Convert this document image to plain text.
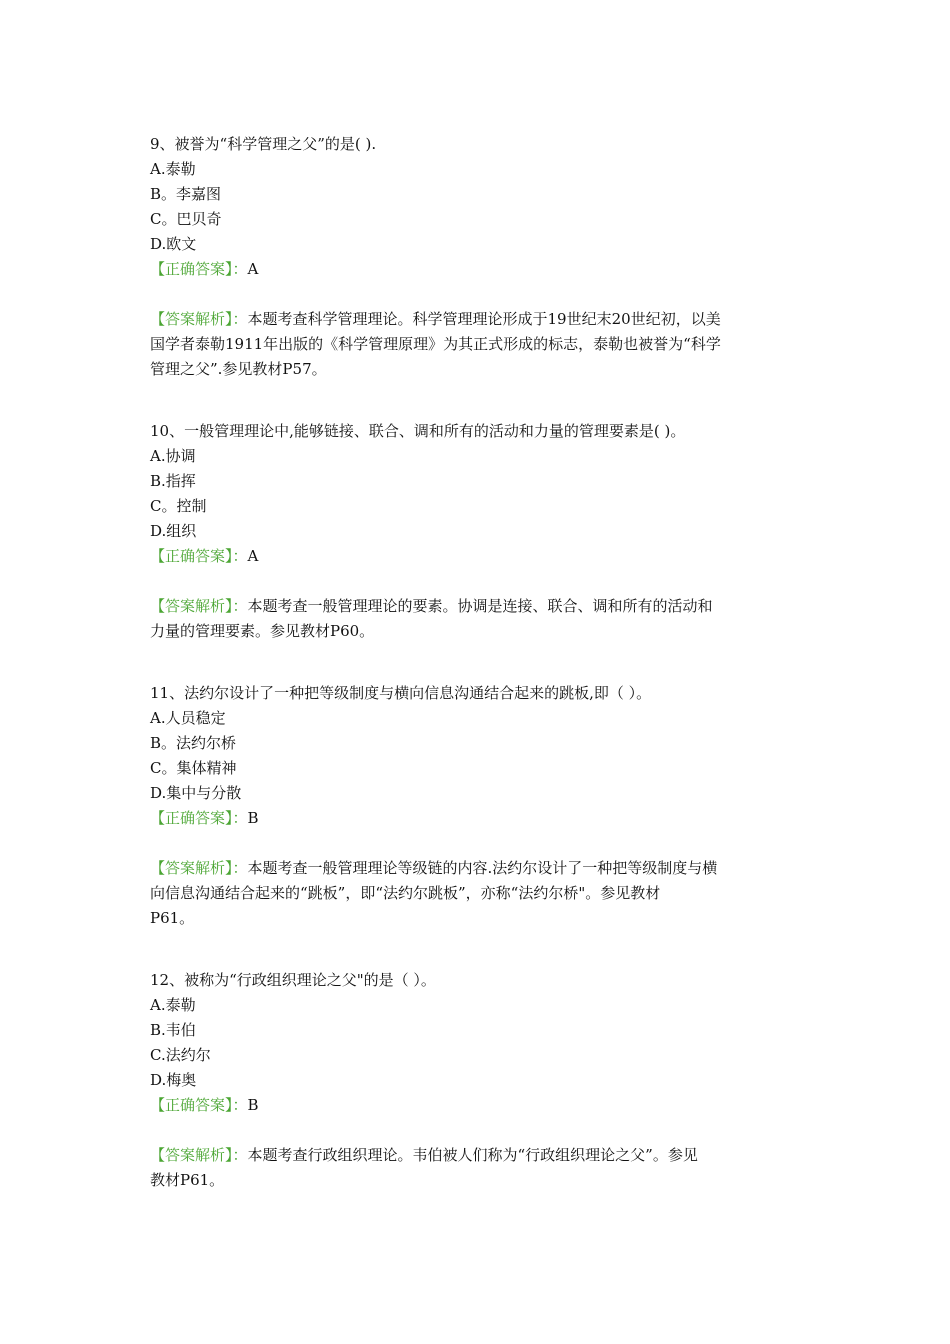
9、被誉为“科学管理之父”的是( ).
A.泰勒
B。李嘉图
C。巴贝奇
D.欧文
【正确答案】：A
【答案解析】：本题考查科学管理理论。科学管理理论形成于19世纪末20世纪初，以美
国学者泰勒1911年出版的《科学管理原理》为其正式形成的标志，泰勒也被誉为“科学
管理之父”.参见教材P57。
10、一般管理理论中,能够链接、联合、调和所有的活动和力量的管理要素是( )。
A.协调
B.指挥
C。控制
D.组织
【正确答案】：A
【答案解析】：本题考查一般管理理论的要素。协调是连接、联合、调和所有的活动和
力量的管理要素。参见教材P60。
11、法约尔设计了一种把等级制度与横向信息沟通结合起来的跳板,即（ ）。
A.人员稳定
B。法约尔桥
C。集体精神
D.集中与分散
【正确答案】：B
【答案解析】：本题考查一般管理理论等级链的内容.法约尔设计了一种把等级制度与横
向信息沟通结合起来的“跳板”，即“法约尔跳板”，亦称“法约尔桥"。参见教材
P61。
12、被称为“行政组织理论之父"的是（ ）。
A.泰勒
B.韦伯
C.法约尔
D.梅奥
【正确答案】：B
【答案解析】：本题考查行政组织理论。韦伯被人们称为“行政组织理论之父”。参见
教材P61。
